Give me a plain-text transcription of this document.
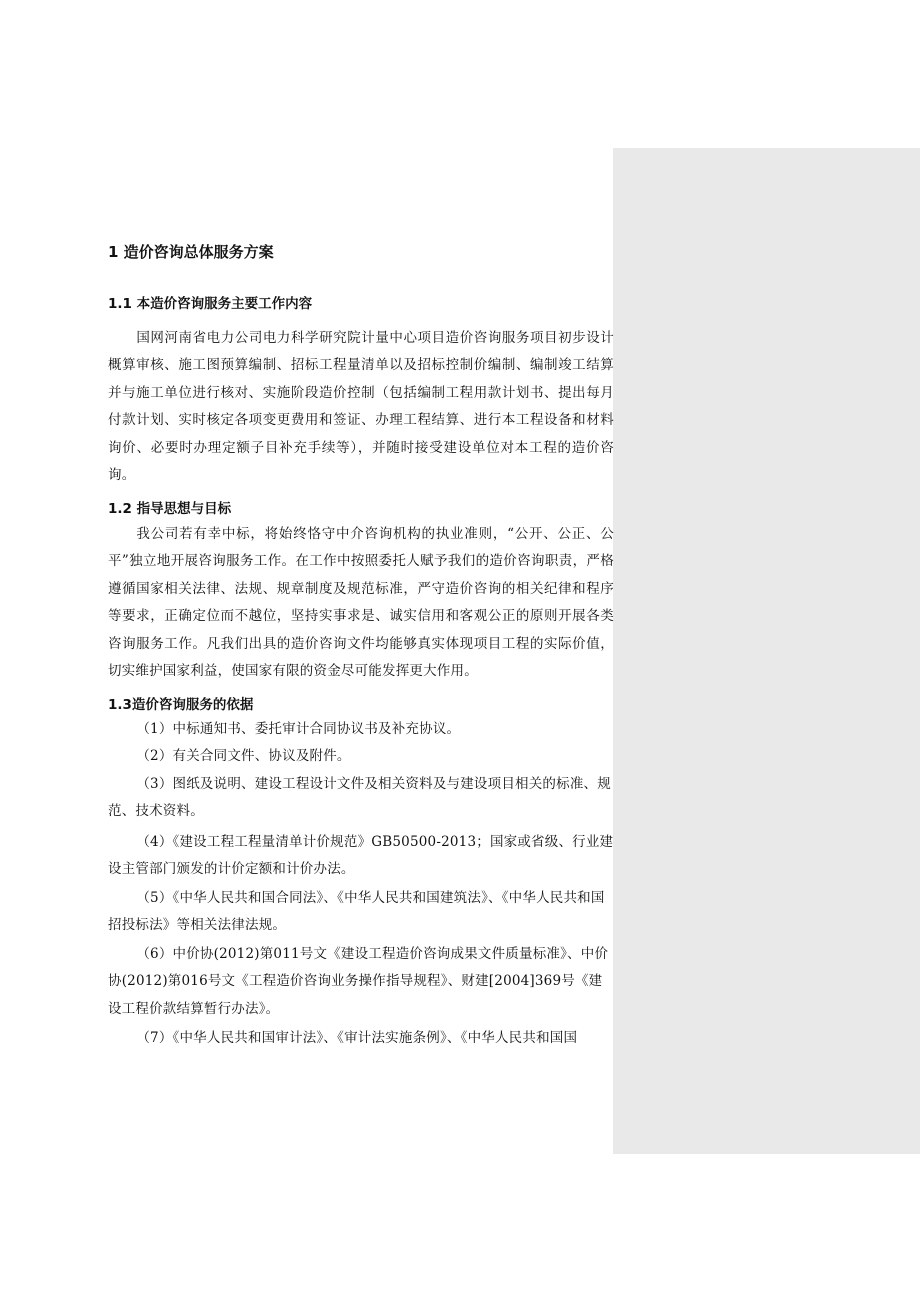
1 造价咨询总体服务方案
1.1 本造价咨询服务主要工作内容

国网河南省电力公司电力科学研究院计量中心项目造价咨询服务项目初步设计概算审核、施工图预算编制、招标工程量清单以及招标控制价编制、编制竣工结算并与施工单位进行核对、实施阶段造价控制（包括编制工程用款计划书、提出每月付款计划、实时核定各项变更费用和签证、办理工程结算、进行本工程设备和材料询价、必要时办理定额子目补充手续等），并随时接受建设单位对本工程的造价咨询。

1.2 指导思想与目标

我公司若有幸中标，将始终恪守中介咨询机构的执业准则，“公开、公正、公平”独立地开展咨询服务工作。在工作中按照委托人赋予我们的造价咨询职责，严格遵循国家相关法律、法规、规章制度及规范标准，严守造价咨询的相关纪律和程序等要求，正确定位而不越位，坚持实事求是、诚实信用和客观公正的原则开展各类咨询服务工作。凡我们出具的造价咨询文件均能够真实体现项目工程的实际价值，切实维护国家利益，使国家有限的资金尽可能发挥更大作用。

1.3造价咨询服务的依据

（1）中标通知书、委托审计合同协议书及补充协议。

（2）有关合同文件、协议及附件。

（3）图纸及说明、建设工程设计文件及相关资料及与建设项目相关的标准、规范、技术资料。

（4）《建设工程工程量清单计价规范》GB50500-2013；国家或省级、行业建设主管部门颁发的计价定额和计价办法。

（5）《中华人民共和国合同法》、《中华人民共和国建筑法》、《中华人民共和国招投标法》等相关法律法规。

（6）中价协(2012)第011号文《建设工程造价咨询成果文件质量标准》、中价协(2012)第016号文《工程造价咨询业务操作指导规程》、财建[2004]369号《建设工程价款结算暂行办法》。

（7）《中华人民共和国审计法》、《审计法实施条例》、《中华人民共和国国
